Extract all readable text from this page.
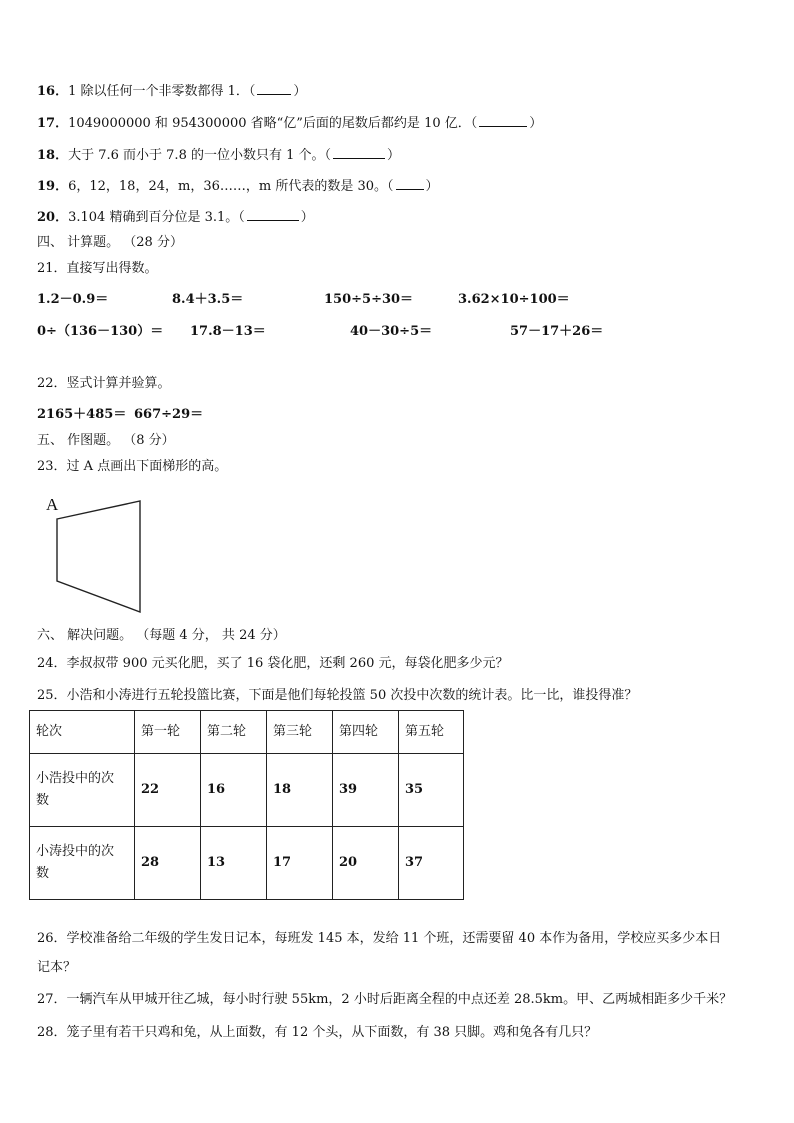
16．1 除以任何一个非零数都得 1．（	）
17．1049000000 和 954300000 省略“亿”后面的尾数后都约是 10 亿．（	）
18．大于 7.6 而小于 7.8 的一位小数只有 1 个。（	）
19．6，12，18，24，m，36……，m 所代表的数是 30。（ ）
20．3.104 精确到百分位是 3.1。（	）
四、 计算题。 （28 分）
21．直接写出得数。
1.2－0.9＝	8.4＋3.5＝	150÷5÷30＝	3.62×10÷100＝
0÷（136－130）＝ 17.8－13＝	40－30÷5＝	57－17＋26＝
22．竖式计算并验算。
2165＋485＝ 667÷29＝
五、 作图题。 （8 分）
23．过 A 点画出下面梯形的高。
A
六、 解决问题。 （每题 4 分， 共 24 分）
24．李叔叔带 900 元买化肥，买了 16 袋化肥，还剩 260 元，每袋化肥多少元？
25．小浩和小涛进行五轮投篮比赛，下面是他们每轮投篮 50 次投中次数的统计表。比一比，谁投得准？
轮次	第一轮	第二轮	第三轮	第四轮	第五轮
小浩投中的次
数	22	16	18	39	35
小涛投中的次
数	28	13	17	20	37
26．学校准备给二年级的学生发日记本，每班发 145 本，发给 11 个班，还需要留 40 本作为备用，学校应买多少本日
记本？
27．一辆汽车从甲城开往乙城，每小时行驶 55km，2 小时后距离全程的中点还差 28.5km。甲、乙两城相距多少千米？
28．笼子里有若干只鸡和兔，从上面数，有 12 个头，从下面数，有 38 只脚。鸡和兔各有几只？
